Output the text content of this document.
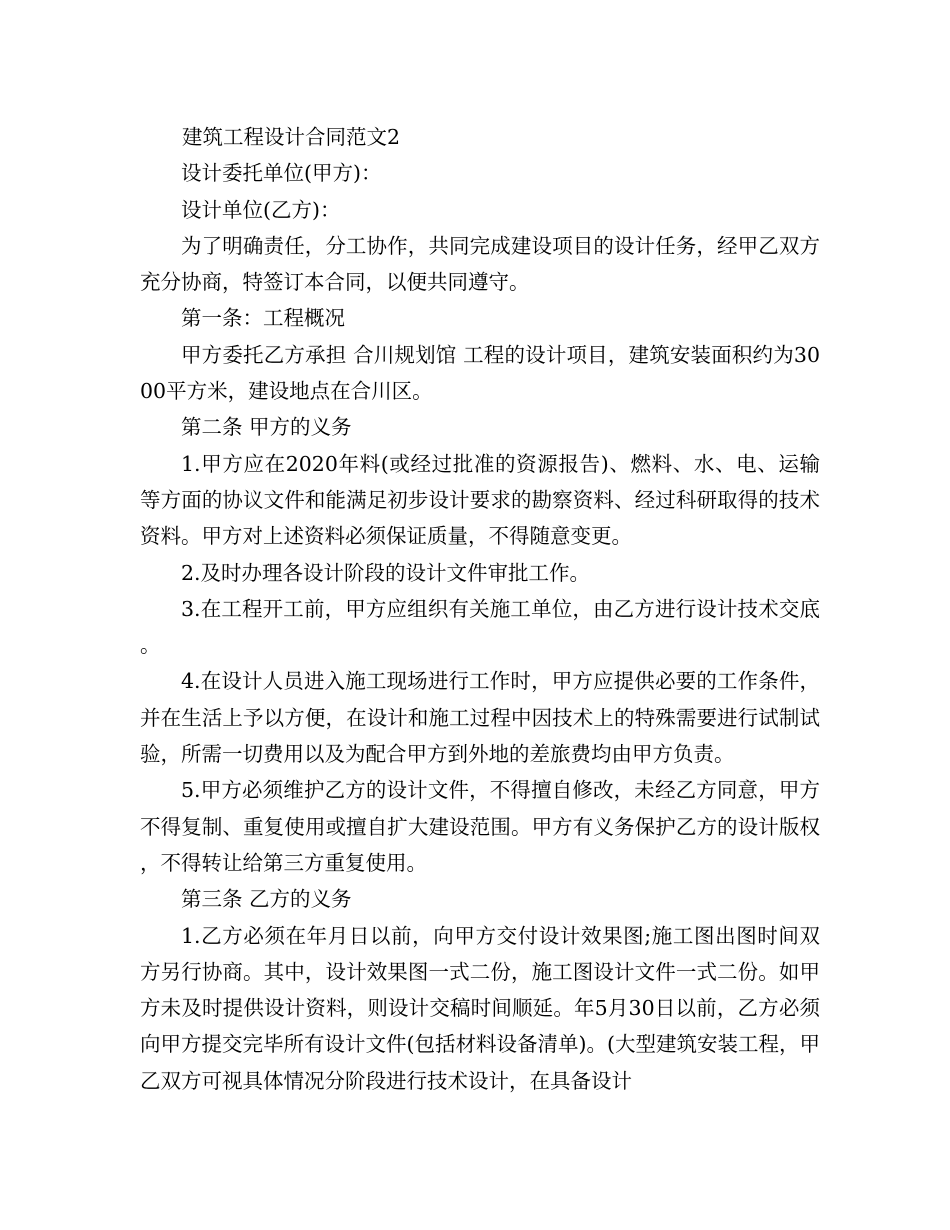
建筑工程设计合同范文2

设计委托单位(甲方)：

设计单位(乙方)：

为了明确责任，分工协作，共同完成建设项目的设计任务，经甲乙双方充分协商，特签订本合同，以便共同遵守。

第一条：工程概况

甲方委托乙方承担 合川规划馆 工程的设计项目，建筑安装面积约为3000平方米，建设地点在合川区。

第二条 甲方的义务

1.甲方应在2020年料(或经过批准的资源报告)、燃料、水、电、运输等方面的协议文件和能满足初步设计要求的勘察资料、经过科研取得的技术资料。甲方对上述资料必须保证质量，不得随意变更。

2.及时办理各设计阶段的设计文件审批工作。

3.在工程开工前，甲方应组织有关施工单位，由乙方进行设计技术交底。

4.在设计人员进入施工现场进行工作时，甲方应提供必要的工作条件，并在生活上予以方便，在设计和施工过程中因技术上的特殊需要进行试制试验，所需一切费用以及为配合甲方到外地的差旅费均由甲方负责。

5.甲方必须维护乙方的设计文件，不得擅自修改，未经乙方同意，甲方不得复制、重复使用或擅自扩大建设范围。甲方有义务保护乙方的设计版权，不得转让给第三方重复使用。

第三条 乙方的义务

1.乙方必须在年月日以前，向甲方交付设计效果图;施工图出图时间双方另行协商。其中，设计效果图一式二份，施工图设计文件一式二份。如甲方未及时提供设计资料，则设计交稿时间顺延。年5月30日以前，乙方必须向甲方提交完毕所有设计文件(包括材料设备清单)。(大型建筑安装工程，甲乙双方可视具体情况分阶段进行技术设计，在具备设计
